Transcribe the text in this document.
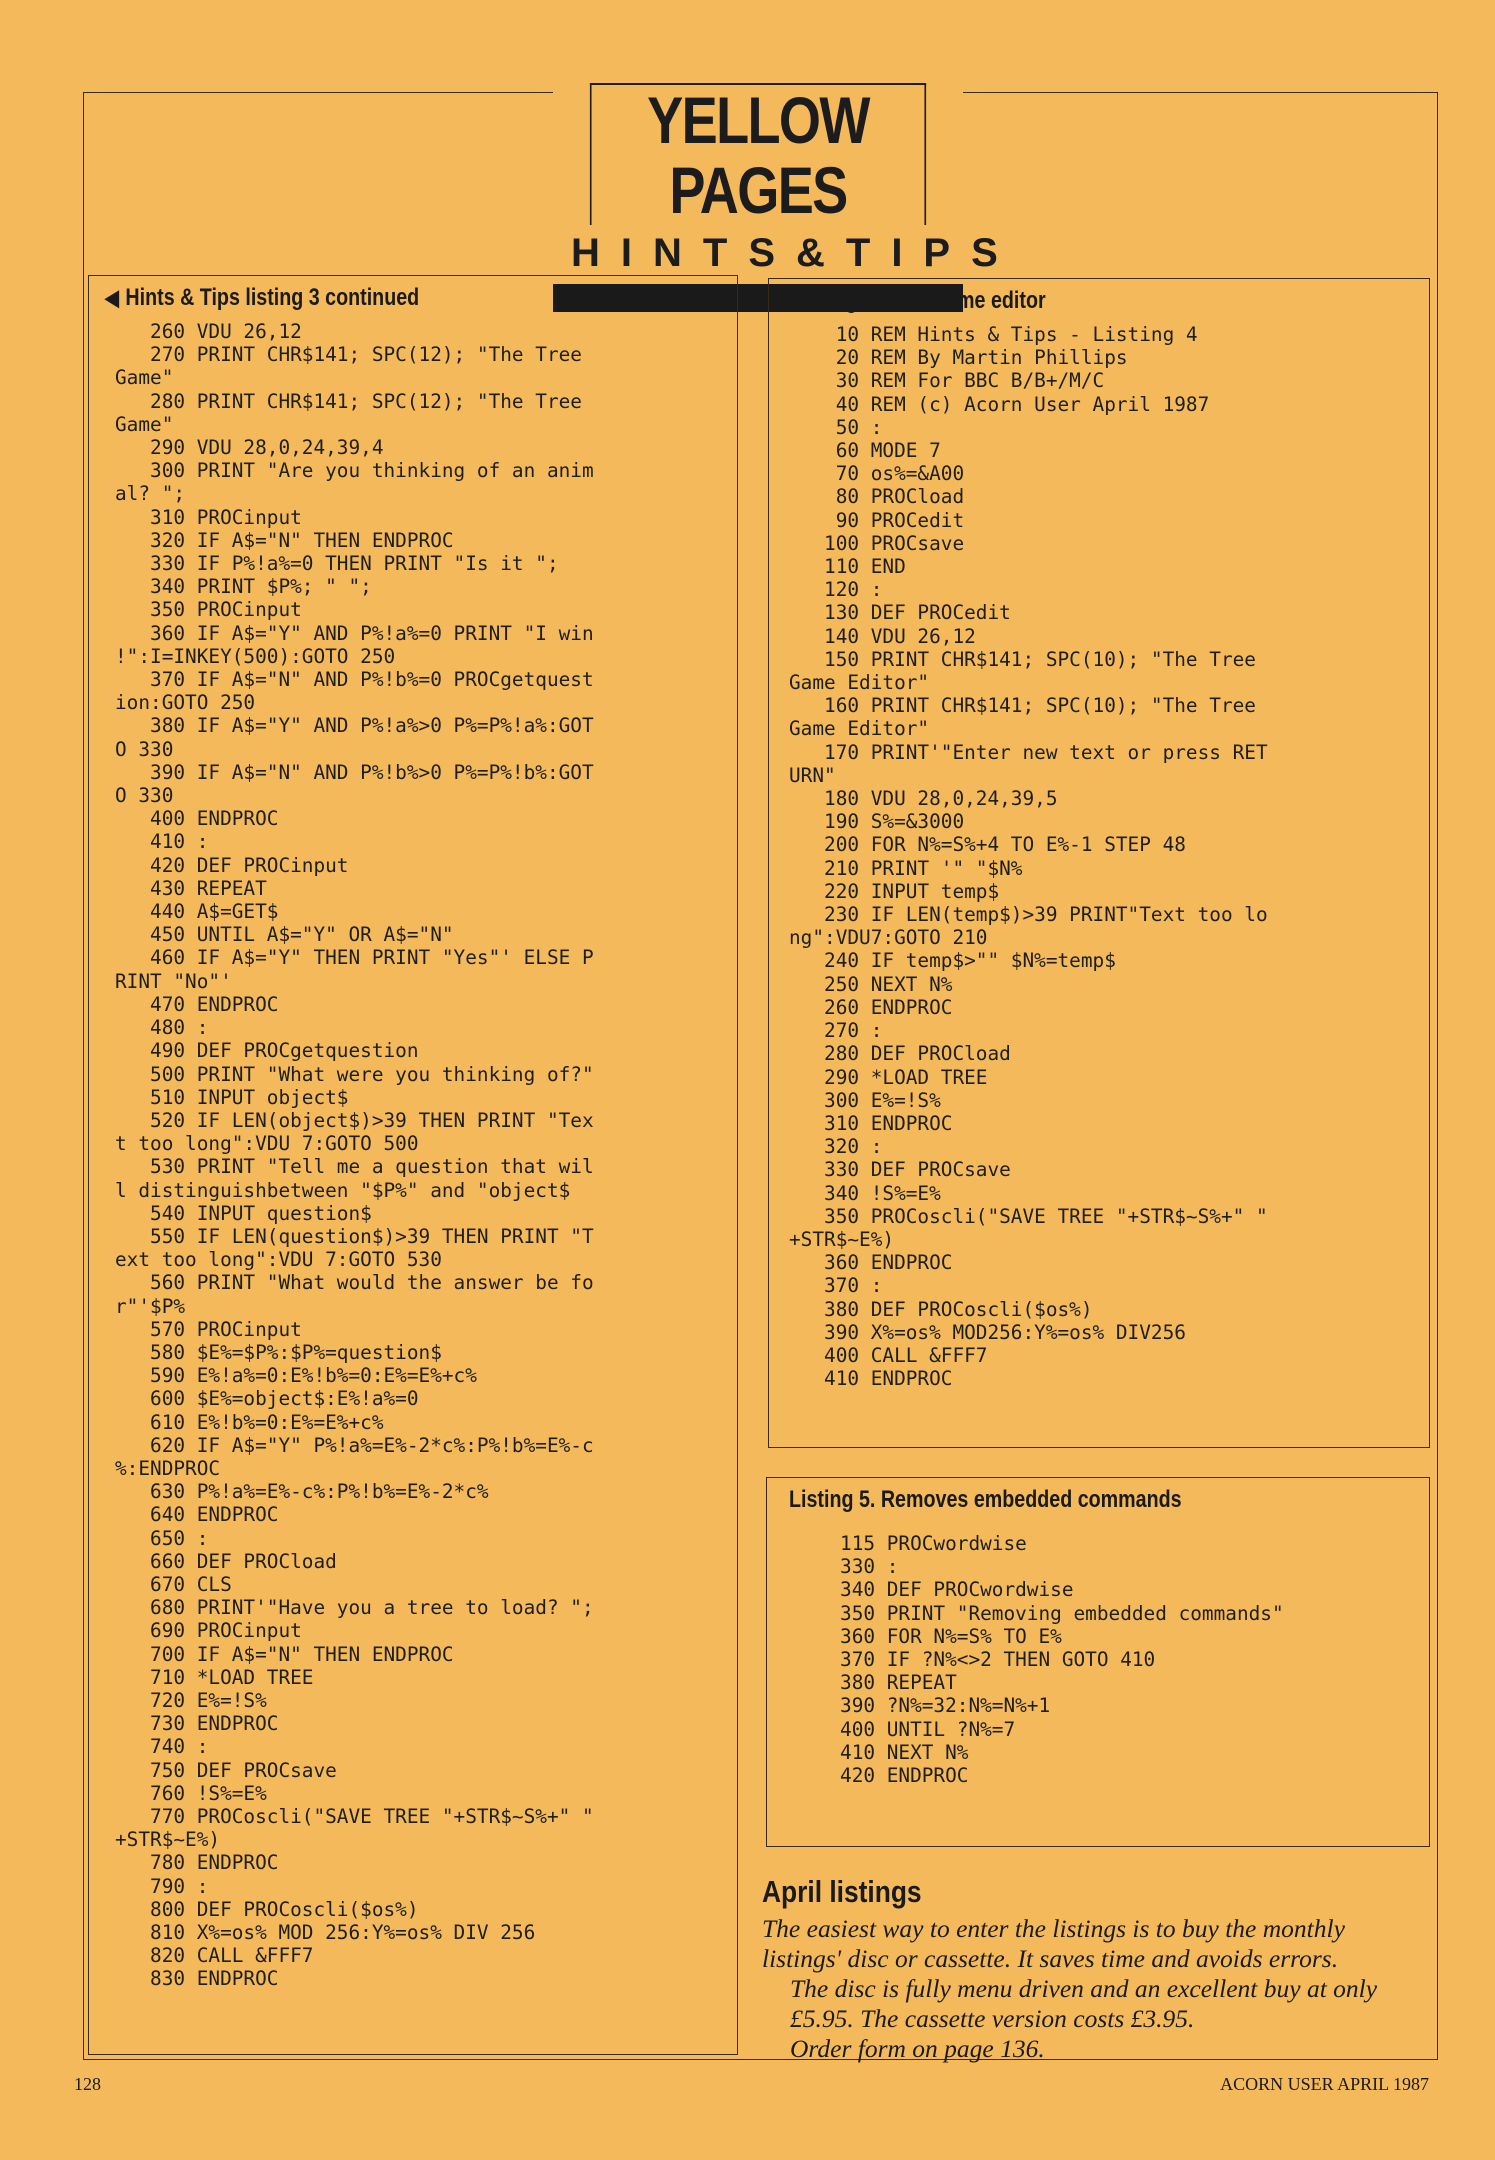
YELLOW PAGES
HINTS&TIPS
◀ Hints & Tips listing 3 continued
260 VDU 26,12
270 PRINT CHR$141; SPC(12); "The Tree
Game"
280 PRINT CHR$141; SPC(12); "The Tree
Game"
290 VDU 28,0,24,39,4
300 PRINT "Are you thinking of an anim
al? ";
310 PROCinput
320 IF A$="N" THEN ENDPROC
330 IF P%!a%=0 THEN PRINT "Is it ";
340 PRINT $P%; " ";
350 PROCinput
360 IF A$="Y" AND P%!a%=0 PRINT "I win
!":I=INKEY(500):GOTO 250
370 IF A$="N" AND P%!b%=0 PROCgetquest
ion:GOTO 250
380 IF A$="Y" AND P%!a%>0 P%=P%!a%:GOT
O 330
390 IF A$="N" AND P%!b%>0 P%=P%!b%:GOT
O 330
400 ENDPROC
410 :
420 DEF PROCinput
430 REPEAT
440 A$=GET$
450 UNTIL A$="Y" OR A$="N"
460 IF A$="Y" THEN PRINT "Yes"' ELSE P
RINT "No"'
470 ENDPROC
480 :
490 DEF PROCgetquestion
500 PRINT "What were you thinking of?"
510 INPUT object$
520 IF LEN(object$)>39 THEN PRINT "Tex
t too long":VDU 7:GOTO 500
530 PRINT "Tell me a question that wil
l distinguishbetween "$P%" and "object$
540 INPUT question$
550 IF LEN(question$)>39 THEN PRINT "T
ext too long":VDU 7:GOTO 530
560 PRINT "What would the answer be fo
r"'$P%
570 PROCinput
580 $E%=$P%:$P%=question$
590 E%!a%=0:E%!b%=0:E%=E%+c%
600 $E%=object$:E%!a%=0
610 E%!b%=0:E%=E%+c%
620 IF A$="Y" P%!a%=E%-2*c%:P%!b%=E%-c
%:ENDPROC
630 P%!a%=E%-c%:P%!b%=E%-2*c%
640 ENDPROC
650 :
660 DEF PROCload
670 CLS
680 PRINT'"Have you a tree to load? ";
690 PROCinput
700 IF A$="N" THEN ENDPROC
710 *LOAD TREE
720 E%=!S%
730 ENDPROC
740 :
750 DEF PROCsave
760 !S%=E%
770 PROCoscli("SAVE TREE "+STR$~S%+" "
+STR$~E%)
780 ENDPROC
790 :
800 DEF PROCoscli($os%)
810 X%=os% MOD 256:Y%=os% DIV 256
820 CALL &FFF7
830 ENDPROC
Listing 4. Tree Game editor
10 REM Hints & Tips - Listing 4
20 REM By Martin Phillips
30 REM For BBC B/B+/M/C
40 REM (c) Acorn User April 1987
50 :
60 MODE 7
70 os%=&A00
80 PROCload
90 PROCedit
100 PROCsave
110 END
120 :
130 DEF PROCedit
140 VDU 26,12
150 PRINT CHR$141; SPC(10); "The Tree
Game Editor"
160 PRINT CHR$141; SPC(10); "The Tree
Game Editor"
170 PRINT'"Enter new text or press RET
URN"
180 VDU 28,0,24,39,5
190 S%=&3000
200 FOR N%=S%+4 TO E%-1 STEP 48
210 PRINT '" "$N%
220 INPUT temp$
230 IF LEN(temp$)>39 PRINT"Text too lo
ng":VDU7:GOTO 210
240 IF temp$>"" $N%=temp$
250 NEXT N%
260 ENDPROC
270 :
280 DEF PROCload
290 *LOAD TREE
300 E%=!S%
310 ENDPROC
320 :
330 DEF PROCsave
340 !S%=E%
350 PROCoscli("SAVE TREE "+STR$~S%+" "
+STR$~E%)
360 ENDPROC
370 :
380 DEF PROCoscli($os%)
390 X%=os% MOD256:Y%=os% DIV256
400 CALL &FFF7
410 ENDPROC
Listing 5. Removes embedded commands
115 PROCwordwise
330 :
340 DEF PROCwordwise
350 PRINT "Removing embedded commands"
360 FOR N%=S% TO E%
370 IF ?N%<>2 THEN GOTO 410
380 REPEAT
390 ?N%=32:N%=N%+1
400 UNTIL ?N%=7
410 NEXT N%
420 ENDPROC
April listings

The easiest way to enter the listings is to buy the monthly listings' disc or cassette. It saves time and avoids errors.

The disc is fully menu driven and an excellent buy at only £5.95. The cassette version costs £3.95.

Order form on page 136.

128	ACORN USER APRIL 1987
